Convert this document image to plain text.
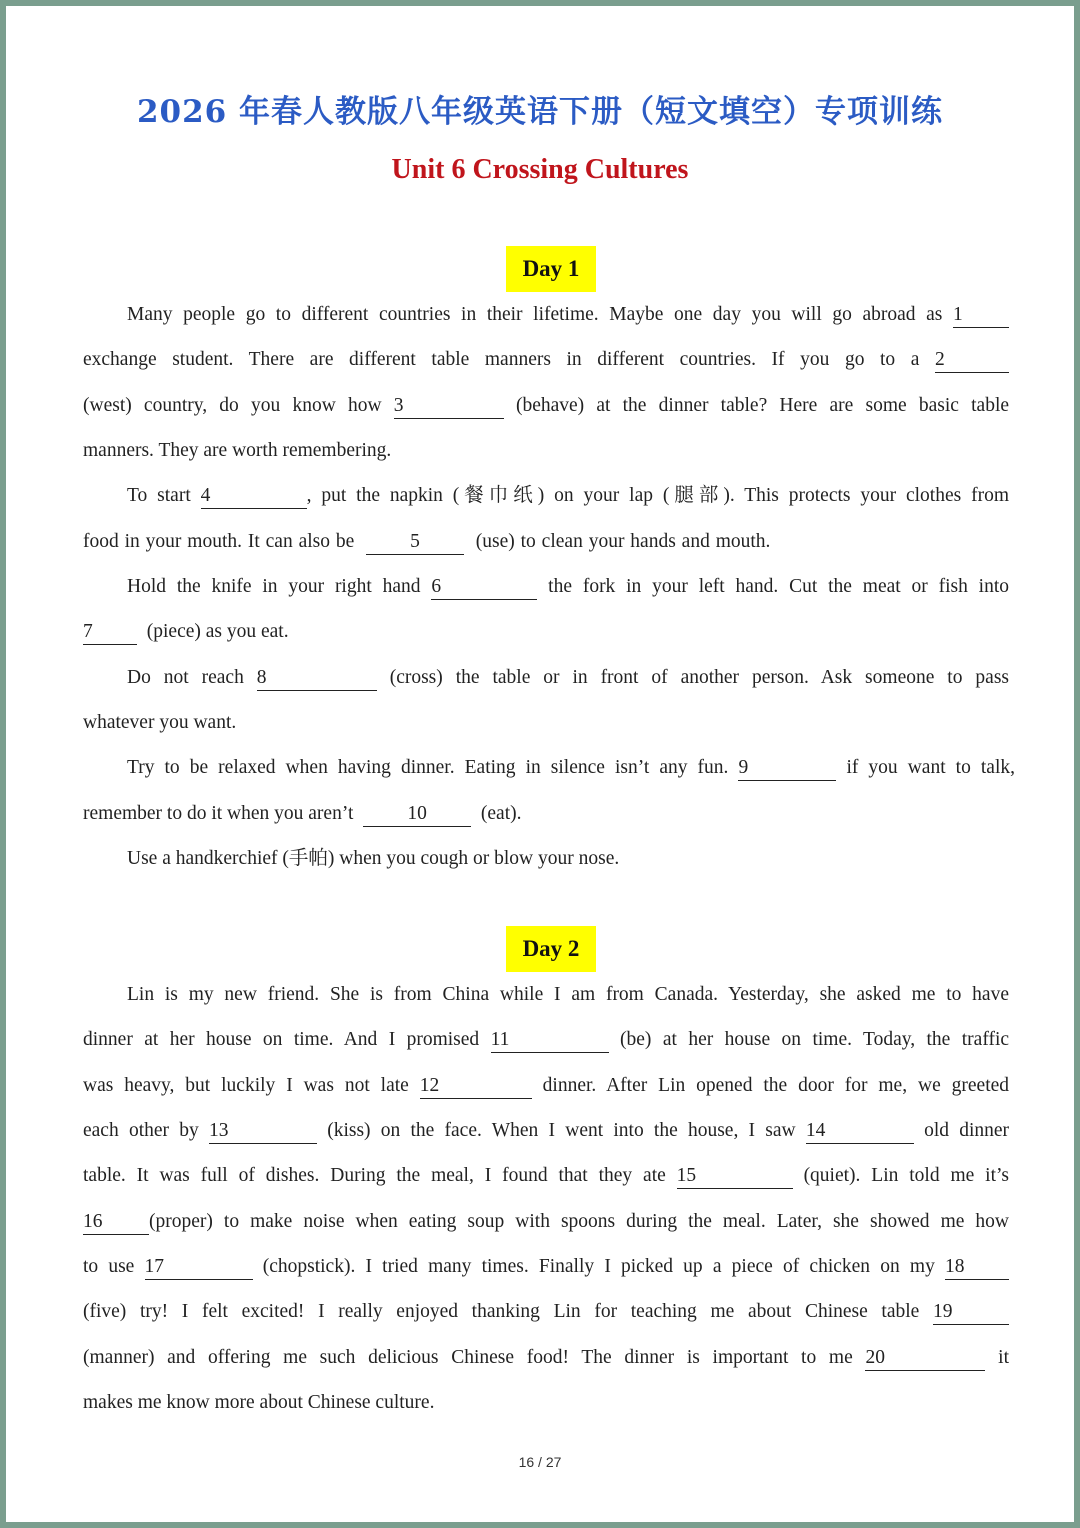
2026 年春人教版八年级英语下册（短文填空）专项训练
Unit 6 Crossing Cultures
Day 1
Many people go to different countries in their lifetime. Maybe one day you will go abroad as 1
exchange student. There are different table manners in different countries. If you go to a 2
(west) country, do you know how 3	(behave) at the dinner table? Here are some basic table
manners. They are worth remembering.
To start 4	, put the napkin (餐巾纸) on your lap (腿部). This protects your clothes from
food in your mouth. It can also be	5	(use) to clean your hands and mouth.
Hold the knife in your right hand 6	the fork in your left hand. Cut the meat or fish into
7	(piece) as you eat.
Do not reach 8	(cross) the table or in front of another person. Ask someone to pass
whatever you want.
Try to be relaxed when having dinner. Eating in silence isn’t any fun. 9	if you want to talk,
remember to do it when you aren’t	10	(eat).
Use a handkerchief (手帕) when you cough or blow your nose.
Day 2
Lin is my new friend. She is from China while I am from Canada. Yesterday, she asked me to have
dinner at her house on time. And I promised 11	(be) at her house on time. Today, the traffic
was heavy, but luckily I was not late 12	dinner. After Lin opened the door for me, we greeted
each other by 13	(kiss) on the face. When I went into the house, I saw 14	old dinner
table. It was full of dishes. During the meal, I found that they ate 15	(quiet). Lin told me it’s
16 (proper) to make noise when eating soup with spoons during the meal. Later, she showed me how
to use 17	(chopstick). I tried many times. Finally I picked up a piece of chicken on my 18
(five) try! I felt excited! I really enjoyed thanking Lin for teaching me about Chinese table 19
(manner) and offering me such delicious Chinese food! The dinner is important to me 20	it
makes me know more about Chinese culture.
16 / 27
